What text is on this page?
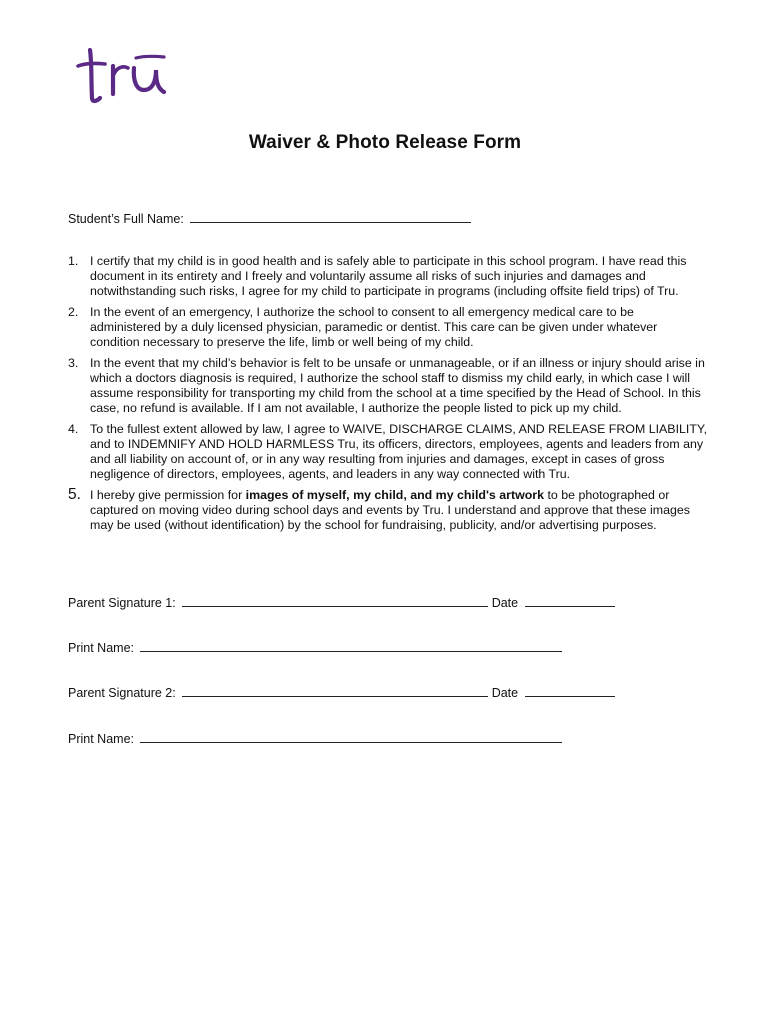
Waiver & Photo Release Form
Student’s Full Name:
1. I certify that my child is in good health and is safely able to participate in this school program. I have read this document in its entirety and I freely and voluntarily assume all risks of such injuries and damages and notwithstanding such risks, I agree for my child to participate in programs (including offsite field trips) of Tru.
2. In the event of an emergency, I authorize the school to consent to all emergency medical care to be administered by a duly licensed physician, paramedic or dentist. This care can be given under whatever condition necessary to preserve the life, limb or well being of my child.
3. In the event that my child’s behavior is felt to be unsafe or unmanageable, or if an illness or injury should arise in which a doctors diagnosis is required, I authorize the school staff to dismiss my child early, in which case I will assume responsibility for transporting my child from the school at a time specified by the Head of School. In this case, no refund is available. If I am not available, I authorize the people listed to pick up my child.
4. To the fullest extent allowed by law, I agree to WAIVE, DISCHARGE CLAIMS, AND RELEASE FROM LIABILITY, and to INDEMNIFY AND HOLD HARMLESS Tru, its officers, directors, employees, agents and leaders from any and all liability on account of, or in any way resulting from injuries and damages, except in cases of gross negligence of directors, employees, agents, and leaders in any way connected with Tru.
5. I hereby give permission for images of myself, my child, and my child's artwork to be photographed or captured on moving video during school days and events by Tru. I understand and approve that these images may be used (without identification) by the school for fundraising, publicity, and/or advertising purposes.
Parent Signature 1:	Date
Print Name:
Parent Signature 2:	Date
Print Name:
